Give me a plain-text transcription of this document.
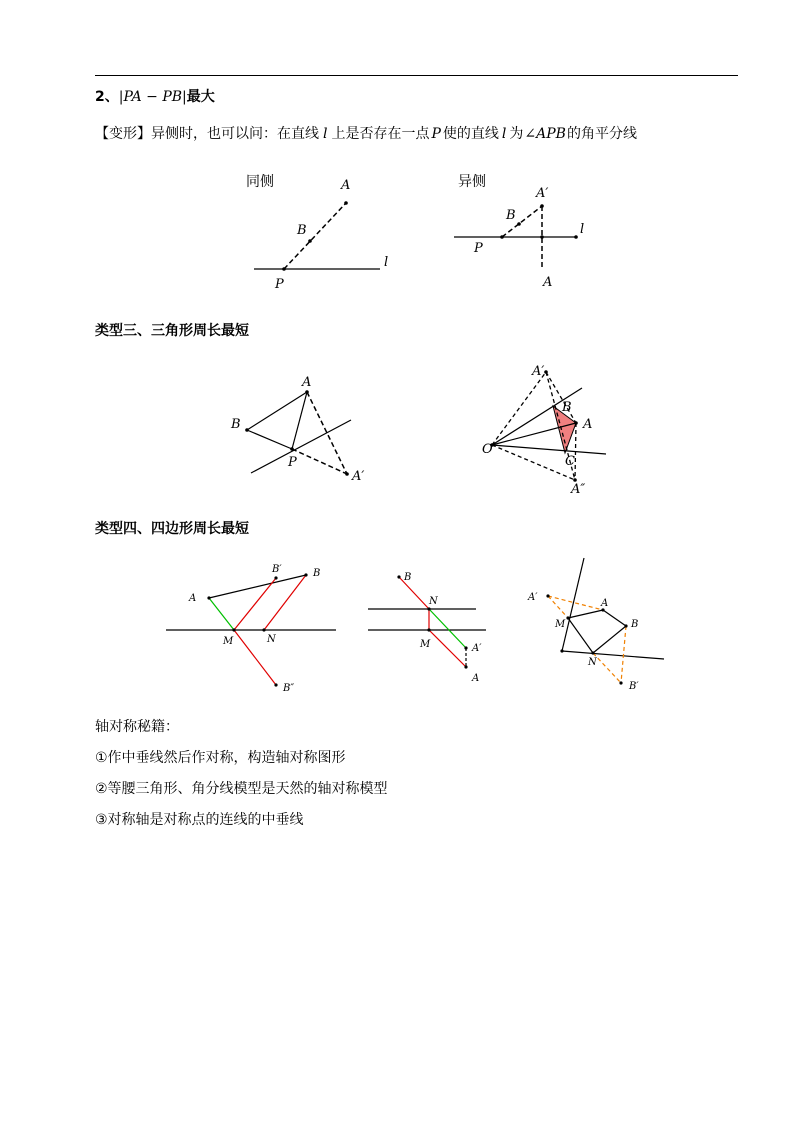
2、|PA − PB|最大
【变形】异侧时，也可以问：在直线 l 上是否存在一点 P 使的直线 l 为∠APB的角平分线
同侧	A
B
l
P
异侧
A′
B
l
P
A
类型三、三角形周长最短
A
B
P
A′
A′
B
A
O
C
A″
类型四、四边形周长最短
B′	B
A
M	N
B″
B
N
M	A′
A
A′
A
M	B
N
B′
轴对称秘籍：
①作中垂线然后作对称，构造轴对称图形
②等腰三角形、角分线模型是天然的轴对称模型
③对称轴是对称点的连线的中垂线
